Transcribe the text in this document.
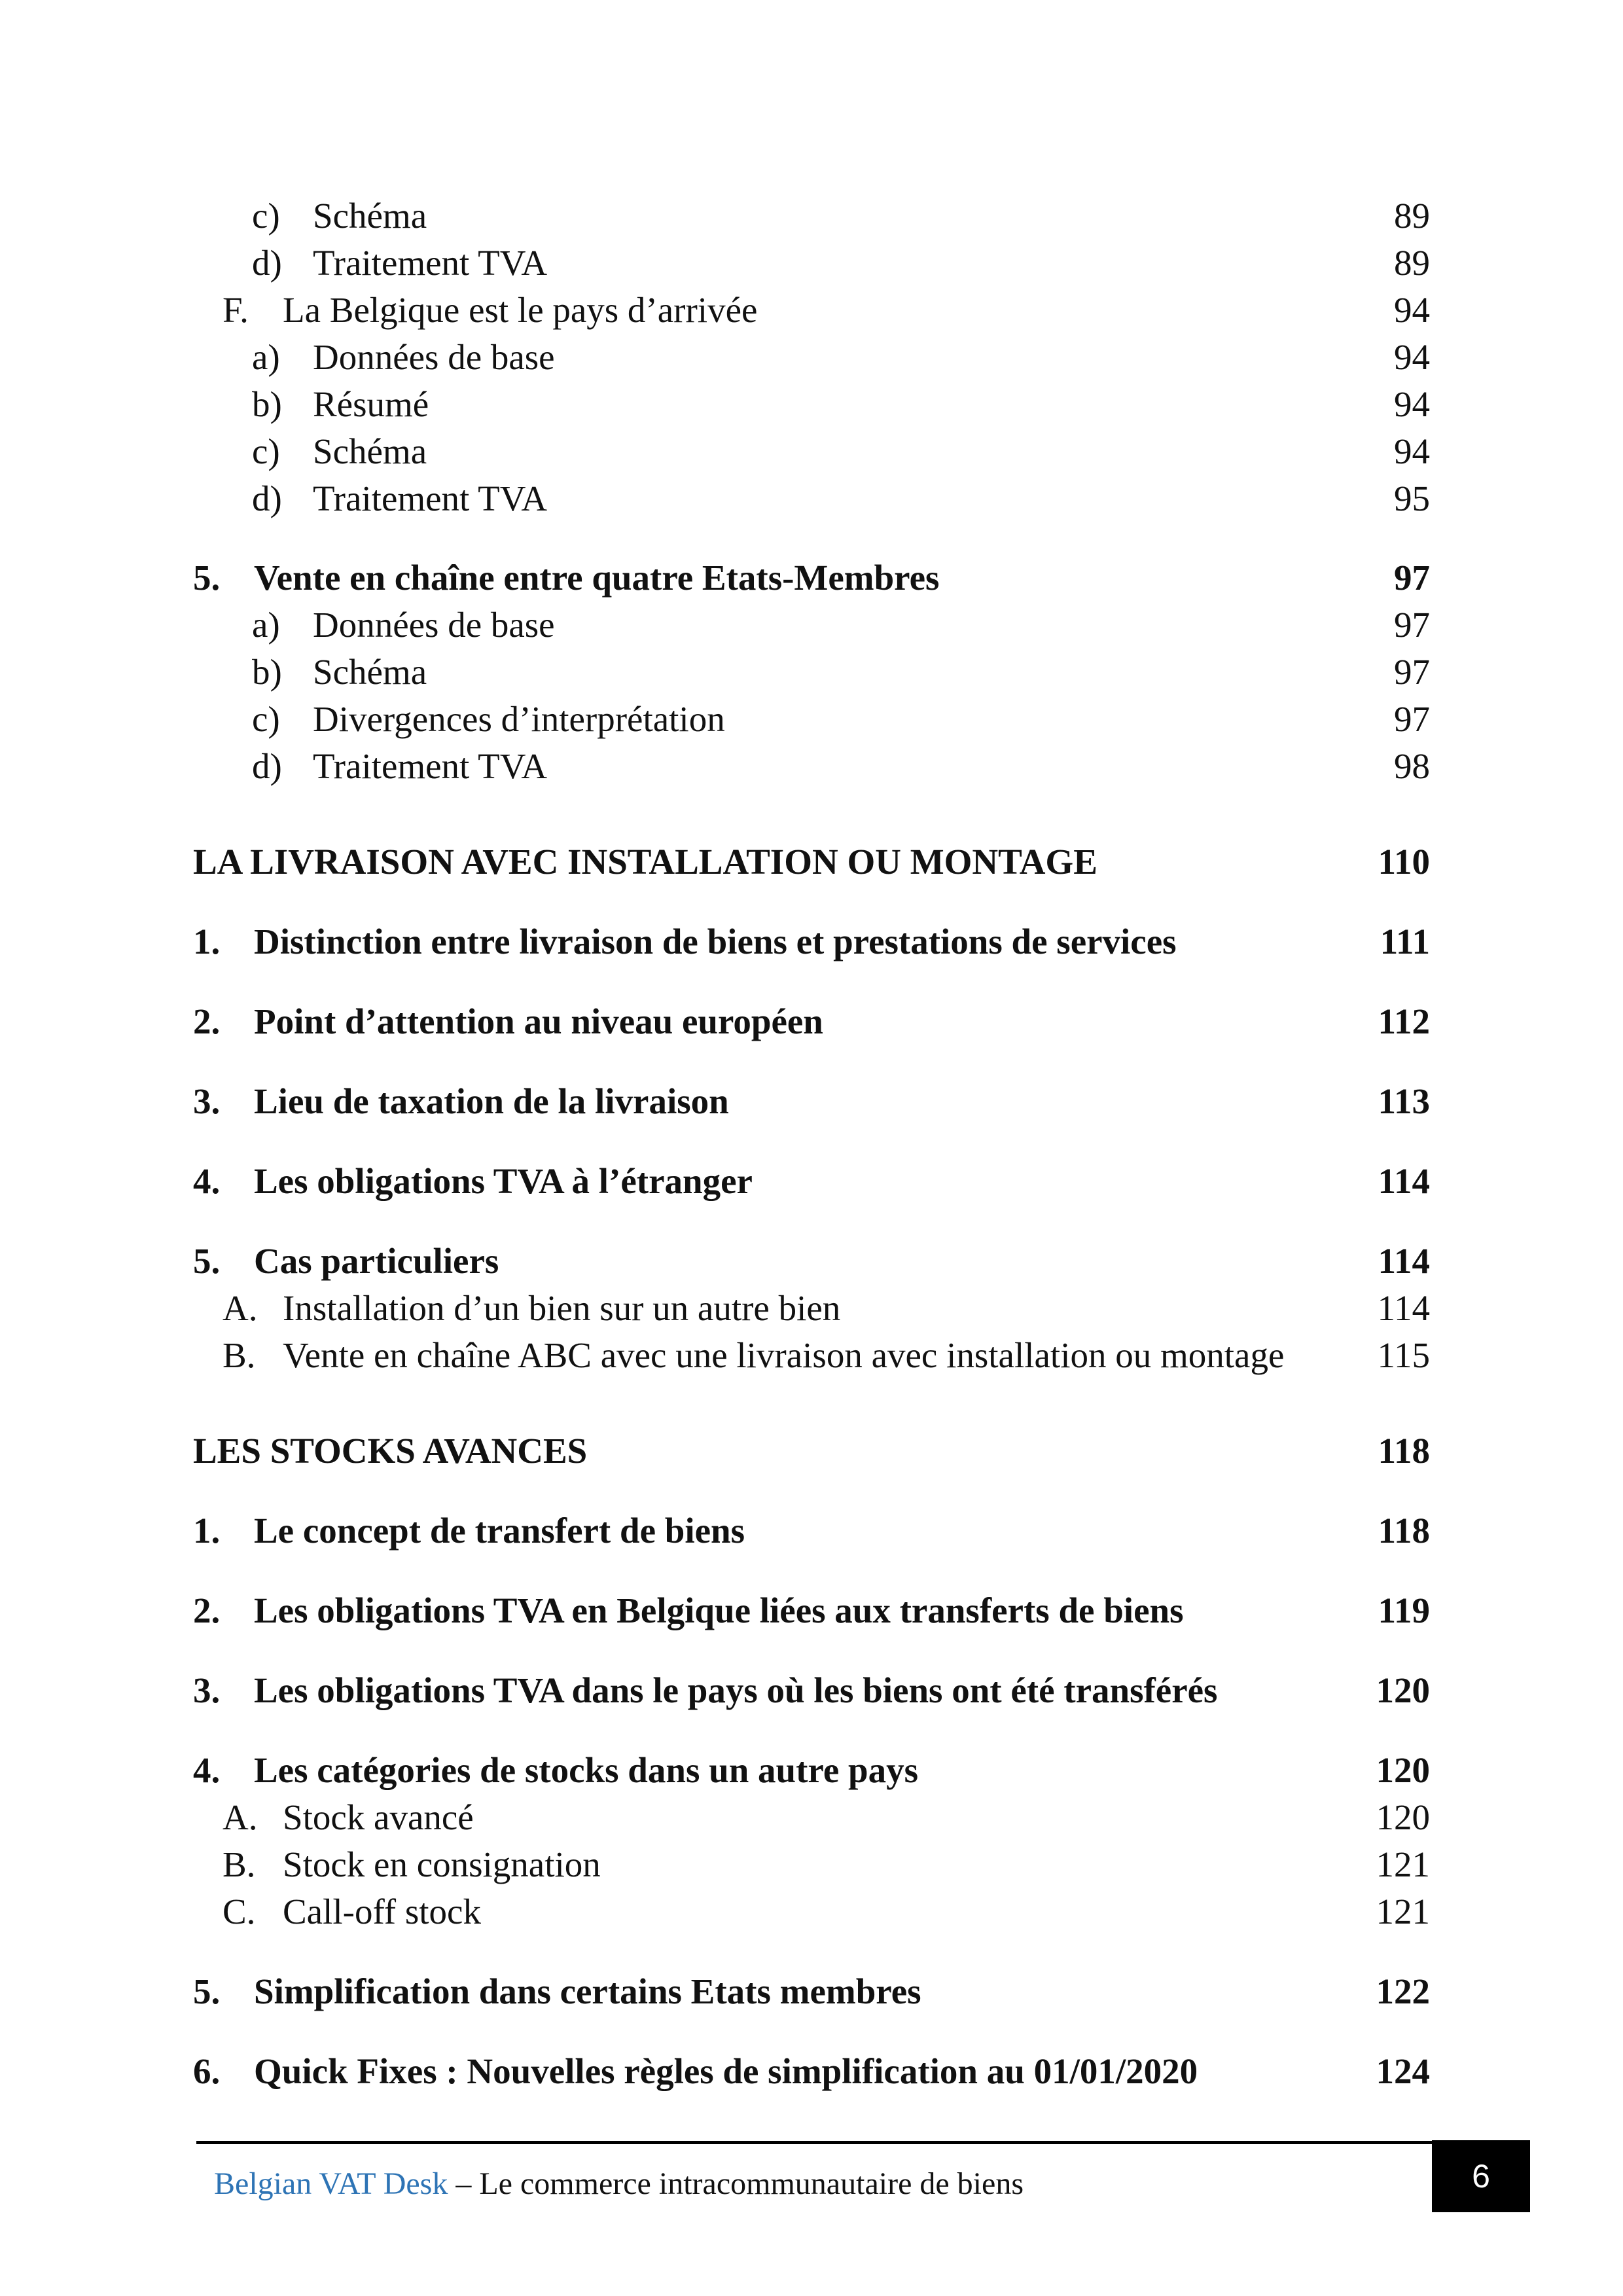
c) Schéma	89
d) Traitement TVA	89
F. La Belgique est le pays d’arrivée	94
a) Données de base	94
b) Résumé	94
c) Schéma	94
d) Traitement TVA	95
5. Vente en chaîne entre quatre Etats-Membres	97
a) Données de base	97
b) Schéma	97
c) Divergences d’interprétation	97
d) Traitement TVA	98
LA LIVRAISON AVEC INSTALLATION OU MONTAGE	110
1. Distinction entre livraison de biens et prestations de services	111
2. Point d’attention au niveau européen	112
3. Lieu de taxation de la livraison	113
4. Les obligations TVA à l’étranger	114
5. Cas particuliers	114
A. Installation d’un bien sur un autre bien	114
B. Vente en chaîne ABC avec une livraison avec installation ou montage	115
LES STOCKS AVANCES	118
1. Le concept de transfert de biens	118
2. Les obligations TVA en Belgique liées aux transferts de biens	119
3. Les obligations TVA dans le pays où les biens ont été transférés	120
4. Les catégories de stocks dans un autre pays	120
A. Stock avancé	120
B. Stock en consignation	121
C. Call-off stock	121
5. Simplification dans certains Etats membres	122
6. Quick Fixes : Nouvelles règles de simplification au 01/01/2020	124
Belgian VAT Desk – Le commerce intracommunautaire de biens	6
